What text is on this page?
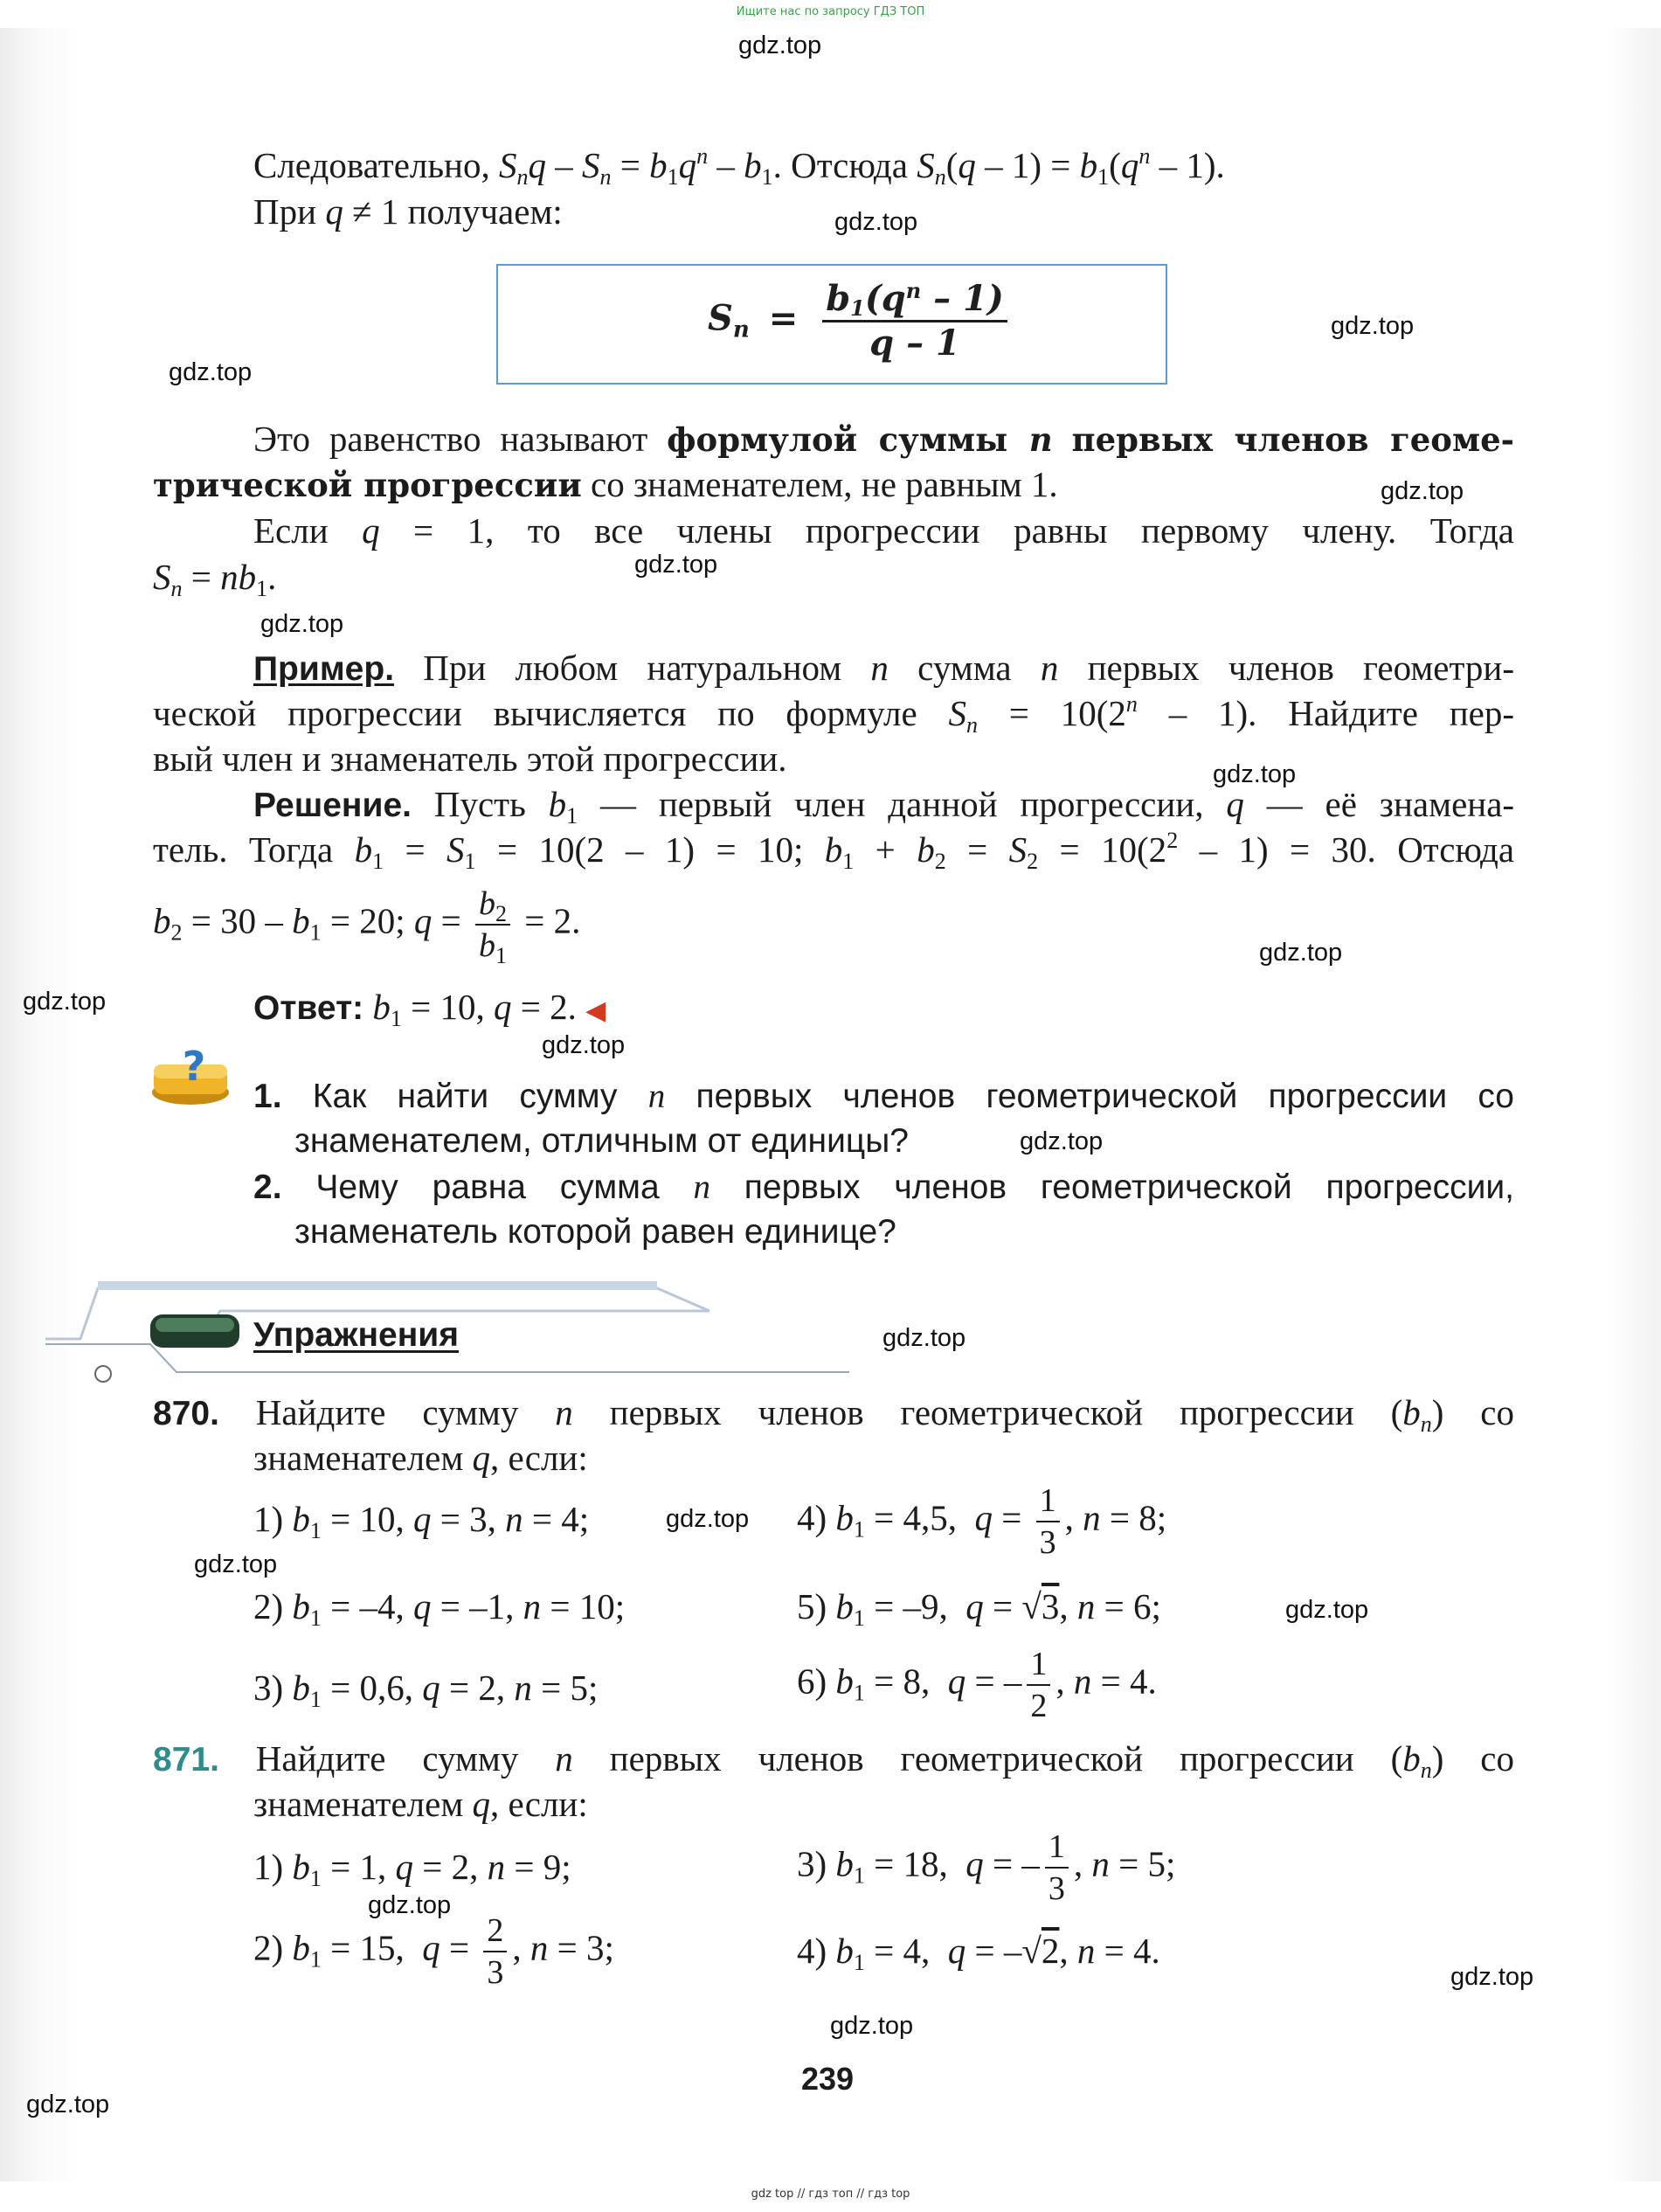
Ищите нас по запросу ГДЗ ТОП
Следовательно, $S_nq - S_n = b_1q^n - b_1$. Отсюда $S_n(q - 1) = b_1(q^n - 1)$.
При q ≠ 1 получаем:
$S_n = \frac{b_1(q^n - 1)}{q - 1}$
Это равенство называют формулой суммы n первых членов геоме-
трической прогрессии со знаменателем, не равным 1.
Если q = 1, то все члены прогрессии равны первому члену. Тогда
$S_n = nb_1$.
Пример. При любом натуральном n сумма n первых членов геометри-
ческой прогрессии вычисляется по формуле $S_n = 10(2^n - 1)$. Найдите пер-
вый член и знаменатель этой прогрессии.
Решение. Пусть $b_1$ — первый член данной прогрессии, q — её знамена-
тель. Тогда $b_1 = S_1 = 10(2 - 1) = 10$; $b_1 + b_2 = S_2 = 10(2^2 - 1) = 30$. Отсюда
$b_2 = 30 - b_1 = 20$; $q = \frac{b_2}{b_1} = 2$.
Ответ: $b_1 = 10$, q = 2. ◀
?
1. Как найти сумму n первых членов геометрической прогрессии со
знаменателем, отличным от единицы?
2. Чему равна сумма n первых членов геометрической прогрессии,
знаменатель которой равен единице?
Упражнения
870. Найдите сумму n первых членов геометрической прогрессии $(b_n)$ со
знаменателем q, если:
1) $b_1 = 10$, q = 3, n = 4;	4) $b_1 = 4,5$,  $q = \frac{1}{3}$ , n = 8;
2) $b_1 = -4$, q = –1, n = 10;	5) $b_1 = -9$,  q = √3, n = 6;
3) $b_1 = 0,6$, q = 2, n = 5;	6) $b_1 = 8$,  q = – $\frac{1}{2}$ , n = 4.
871. Найдите сумму n первых членов геометрической прогрессии $(b_n)$ со
знаменателем q, если:
1) $b_1 = 1$, q = 2, n = 9;	3) $b_1 = 18$,  q = – $\frac{1}{3}$ , n = 5;
2) $b_1 = 15$,  $q = \frac{2}{3}$ , n = 3;	4) $b_1 = 4$,  q = –√2, n = 4.
239
gdz.top
gdz.top
gdz.top
gdz.top
gdz.top
gdz.top
gdz.top
gdz.top
gdz.top
gdz.top
gdz.top
gdz.top
gdz.top
gdz.top
gdz.top
gdz.top
gdz.top
gdz.top
gdz.top
gdz.top
gdz top // гдз топ // гдз top
